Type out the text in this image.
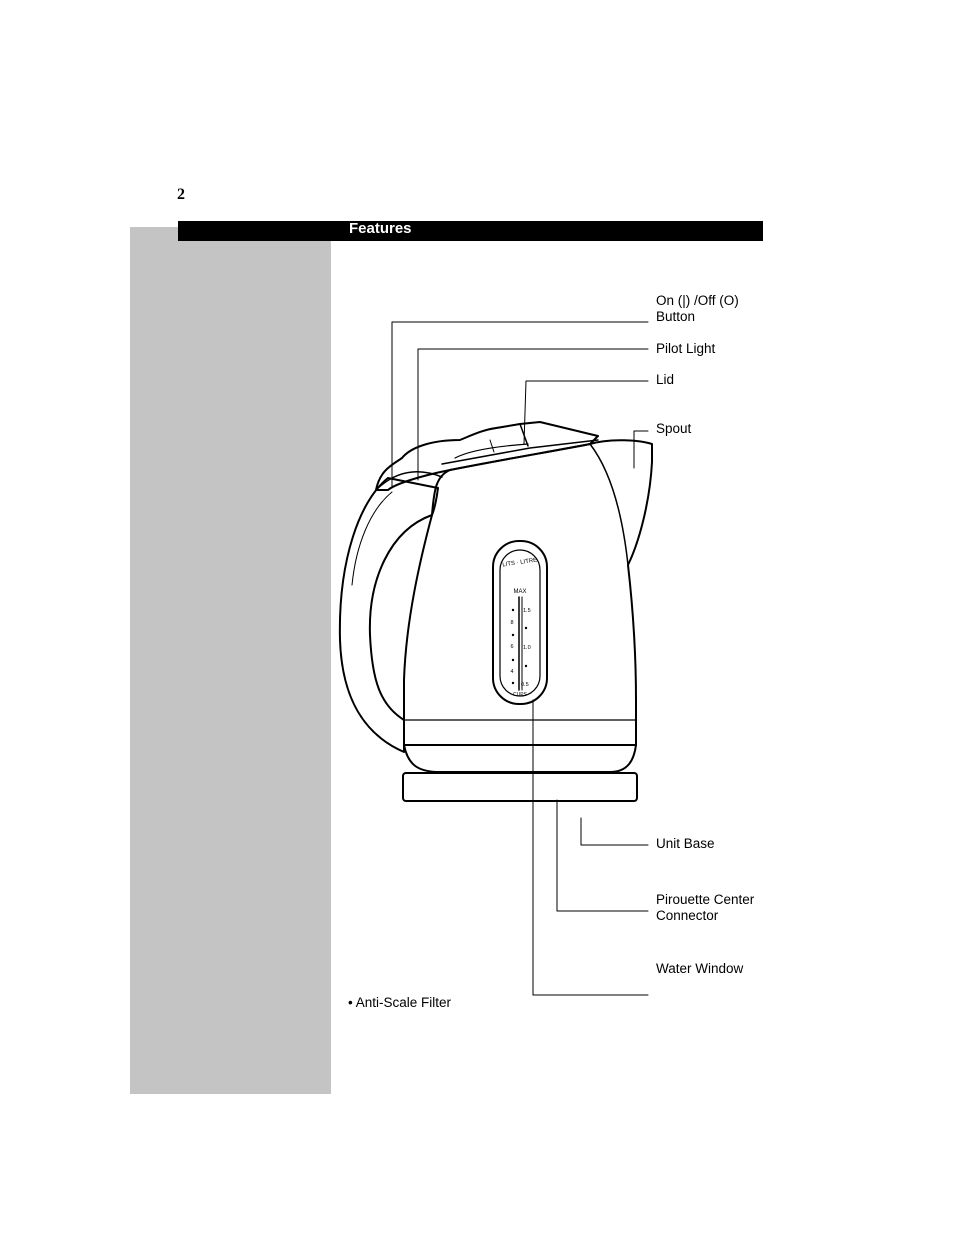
2
Features
LITS · LITRE
MAX
1.5
1.0
0.5
8
6
4
CUPS
On (|) /Off (O)
Button
Pilot Light
Lid
Spout
Unit Base
Pirouette Center
Connector
Water Window
• Anti-Scale Filter
